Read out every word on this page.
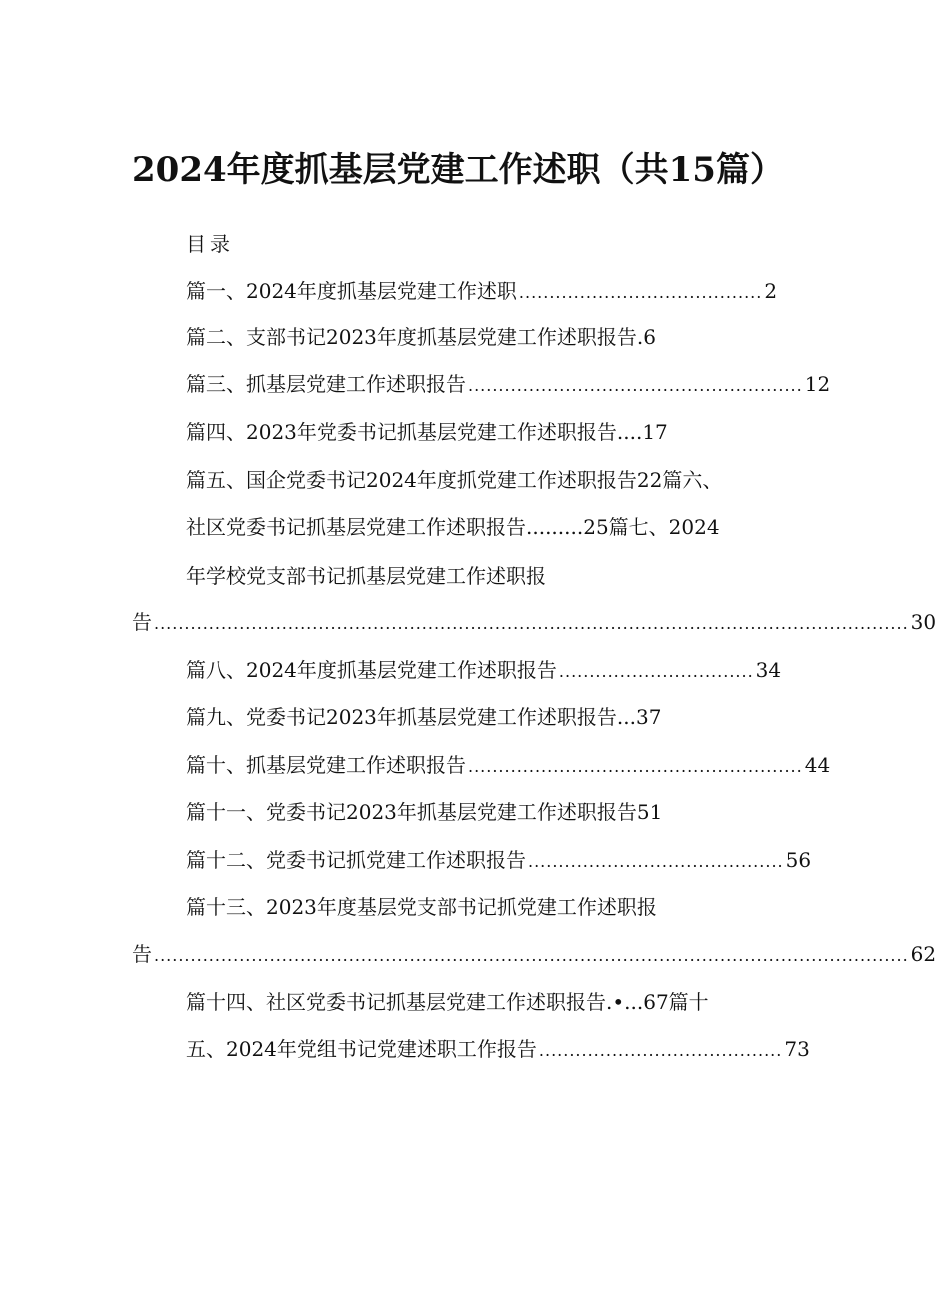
2024年度抓基层党建工作述职（共15篇）
目录
篇一、2024年度抓基层党建工作述职 ........................................ 2
篇二、支部书记2023年度抓基层党建工作述职报告.6
篇三、抓基层党建工作述职报告 ....................................................... 12
篇四、2023年党委书记抓基层党建工作述职报告....17
篇五、国企党委书记2024年度抓党建工作述职报告22篇六、
社区党委书记抓基层党建工作述职报告.........25篇七、2024
年学校党支部书记抓基层党建工作述职报
告 ............................................................................................................................ 30
篇八、2024年度抓基层党建工作述职报告 ................................ 34
篇九、党委书记2023年抓基层党建工作述职报告...37
篇十、抓基层党建工作述职报告 ....................................................... 44
篇十一、党委书记2023年抓基层党建工作述职报告51
篇十二、党委书记抓党建工作述职报告 .......................................... 56
篇十三、2023年度基层党支部书记抓党建工作述职报
告 ............................................................................................................................ 62
篇十四、社区党委书记抓基层党建工作述职报告.•...67篇十
五、2024年党组书记党建述职工作报告 ........................................ 73
